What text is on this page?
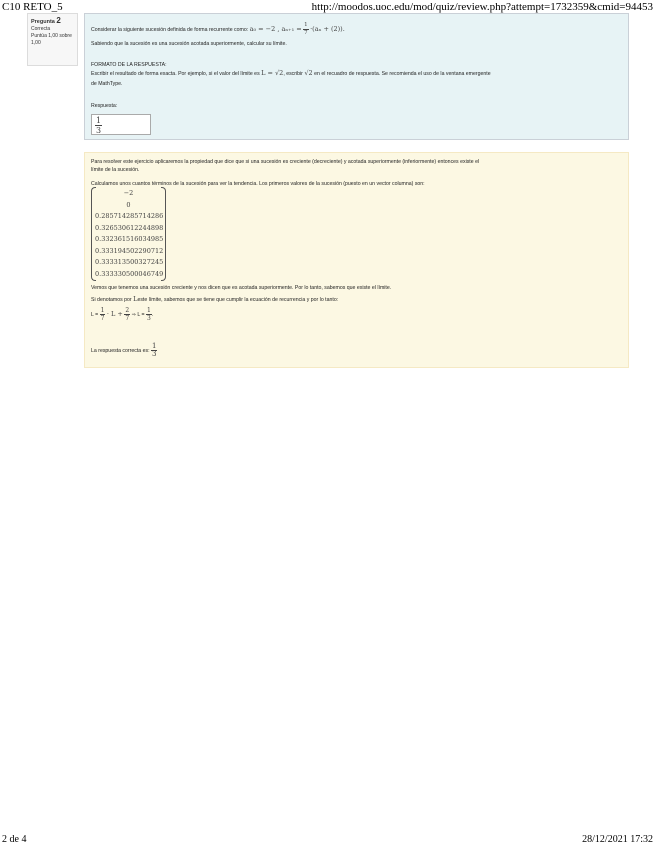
C10 RETO_5	http://moodos.uoc.edu/mod/quiz/review.php?attempt=1732359&cmid=94453
Pregunta 2
Correcta
Puntúa 1,00 sobre 1,00

Considerar la siguiente sucesión definida de forma recurrente como: a₀ = −2 , $a_{n+1} = \frac{1}{7} \cdot(a_n + (2))$.

Sabiendo que la sucesión es una sucesión acotada superiormente, calcular su límite.

FORMATO DE LA RESPUESTA:

Escribir el resultado de forma exacta. Por ejemplo, si el valor del límite es L = √2, escribir √2 en el recuadro de respuesta. Se recomienda el uso de la ventana emergente

de MathType.

Respuesta:

$\frac{1}{3}$

Para resolver este ejercicio aplicaremos la propiedad que dice que si una sucesión es creciente (decreciente) y acotada superiormente (inferiormente) entonces existe el
límite de la sucesión.

Calculamos unos cuantos términos de la sucesión para ver la tendencia. Los primeros valores de la sucesión (puesto en un vector columna) son:

−2
0
0.285714285714286
0.326530612244898
0.332361516034985
0.333194502290712
0.333313500327245
0.333330500046749

Vemos que tenemos una sucesión creciente y nos dicen que es acotada superiormente. Por lo tanto, sabemos que existe el límite.

Si denotamos por Leste límite, sabemos que se tiene que cumplir la ecuación de recurrencia y por lo tanto:

$L = \frac{1}{7} \cdot L + \frac{2}{7}$ ⇒ $L = \frac{1}{3}$ .

La respuesta correcta es: $\frac{1}{3}$

2 de 4	28/12/2021 17:32
